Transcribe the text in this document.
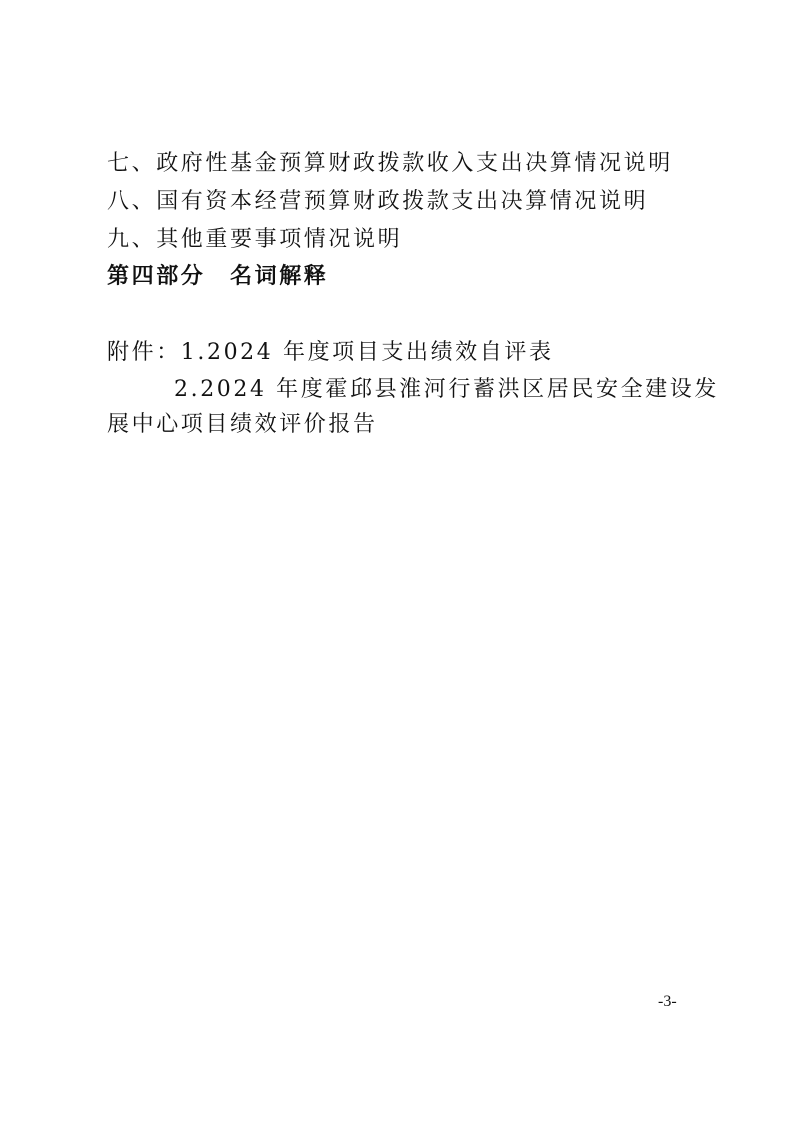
七、政府性基金预算财政拨款收入支出决算情况说明
八、国有资本经营预算财政拨款支出决算情况说明
九、其他重要事项情况说明
第四部分　名词解释
附件：1.2024 年度项目支出绩效自评表
2.2024 年度霍邱县淮河行蓄洪区居民安全建设发
展中心项目绩效评价报告
-3-
